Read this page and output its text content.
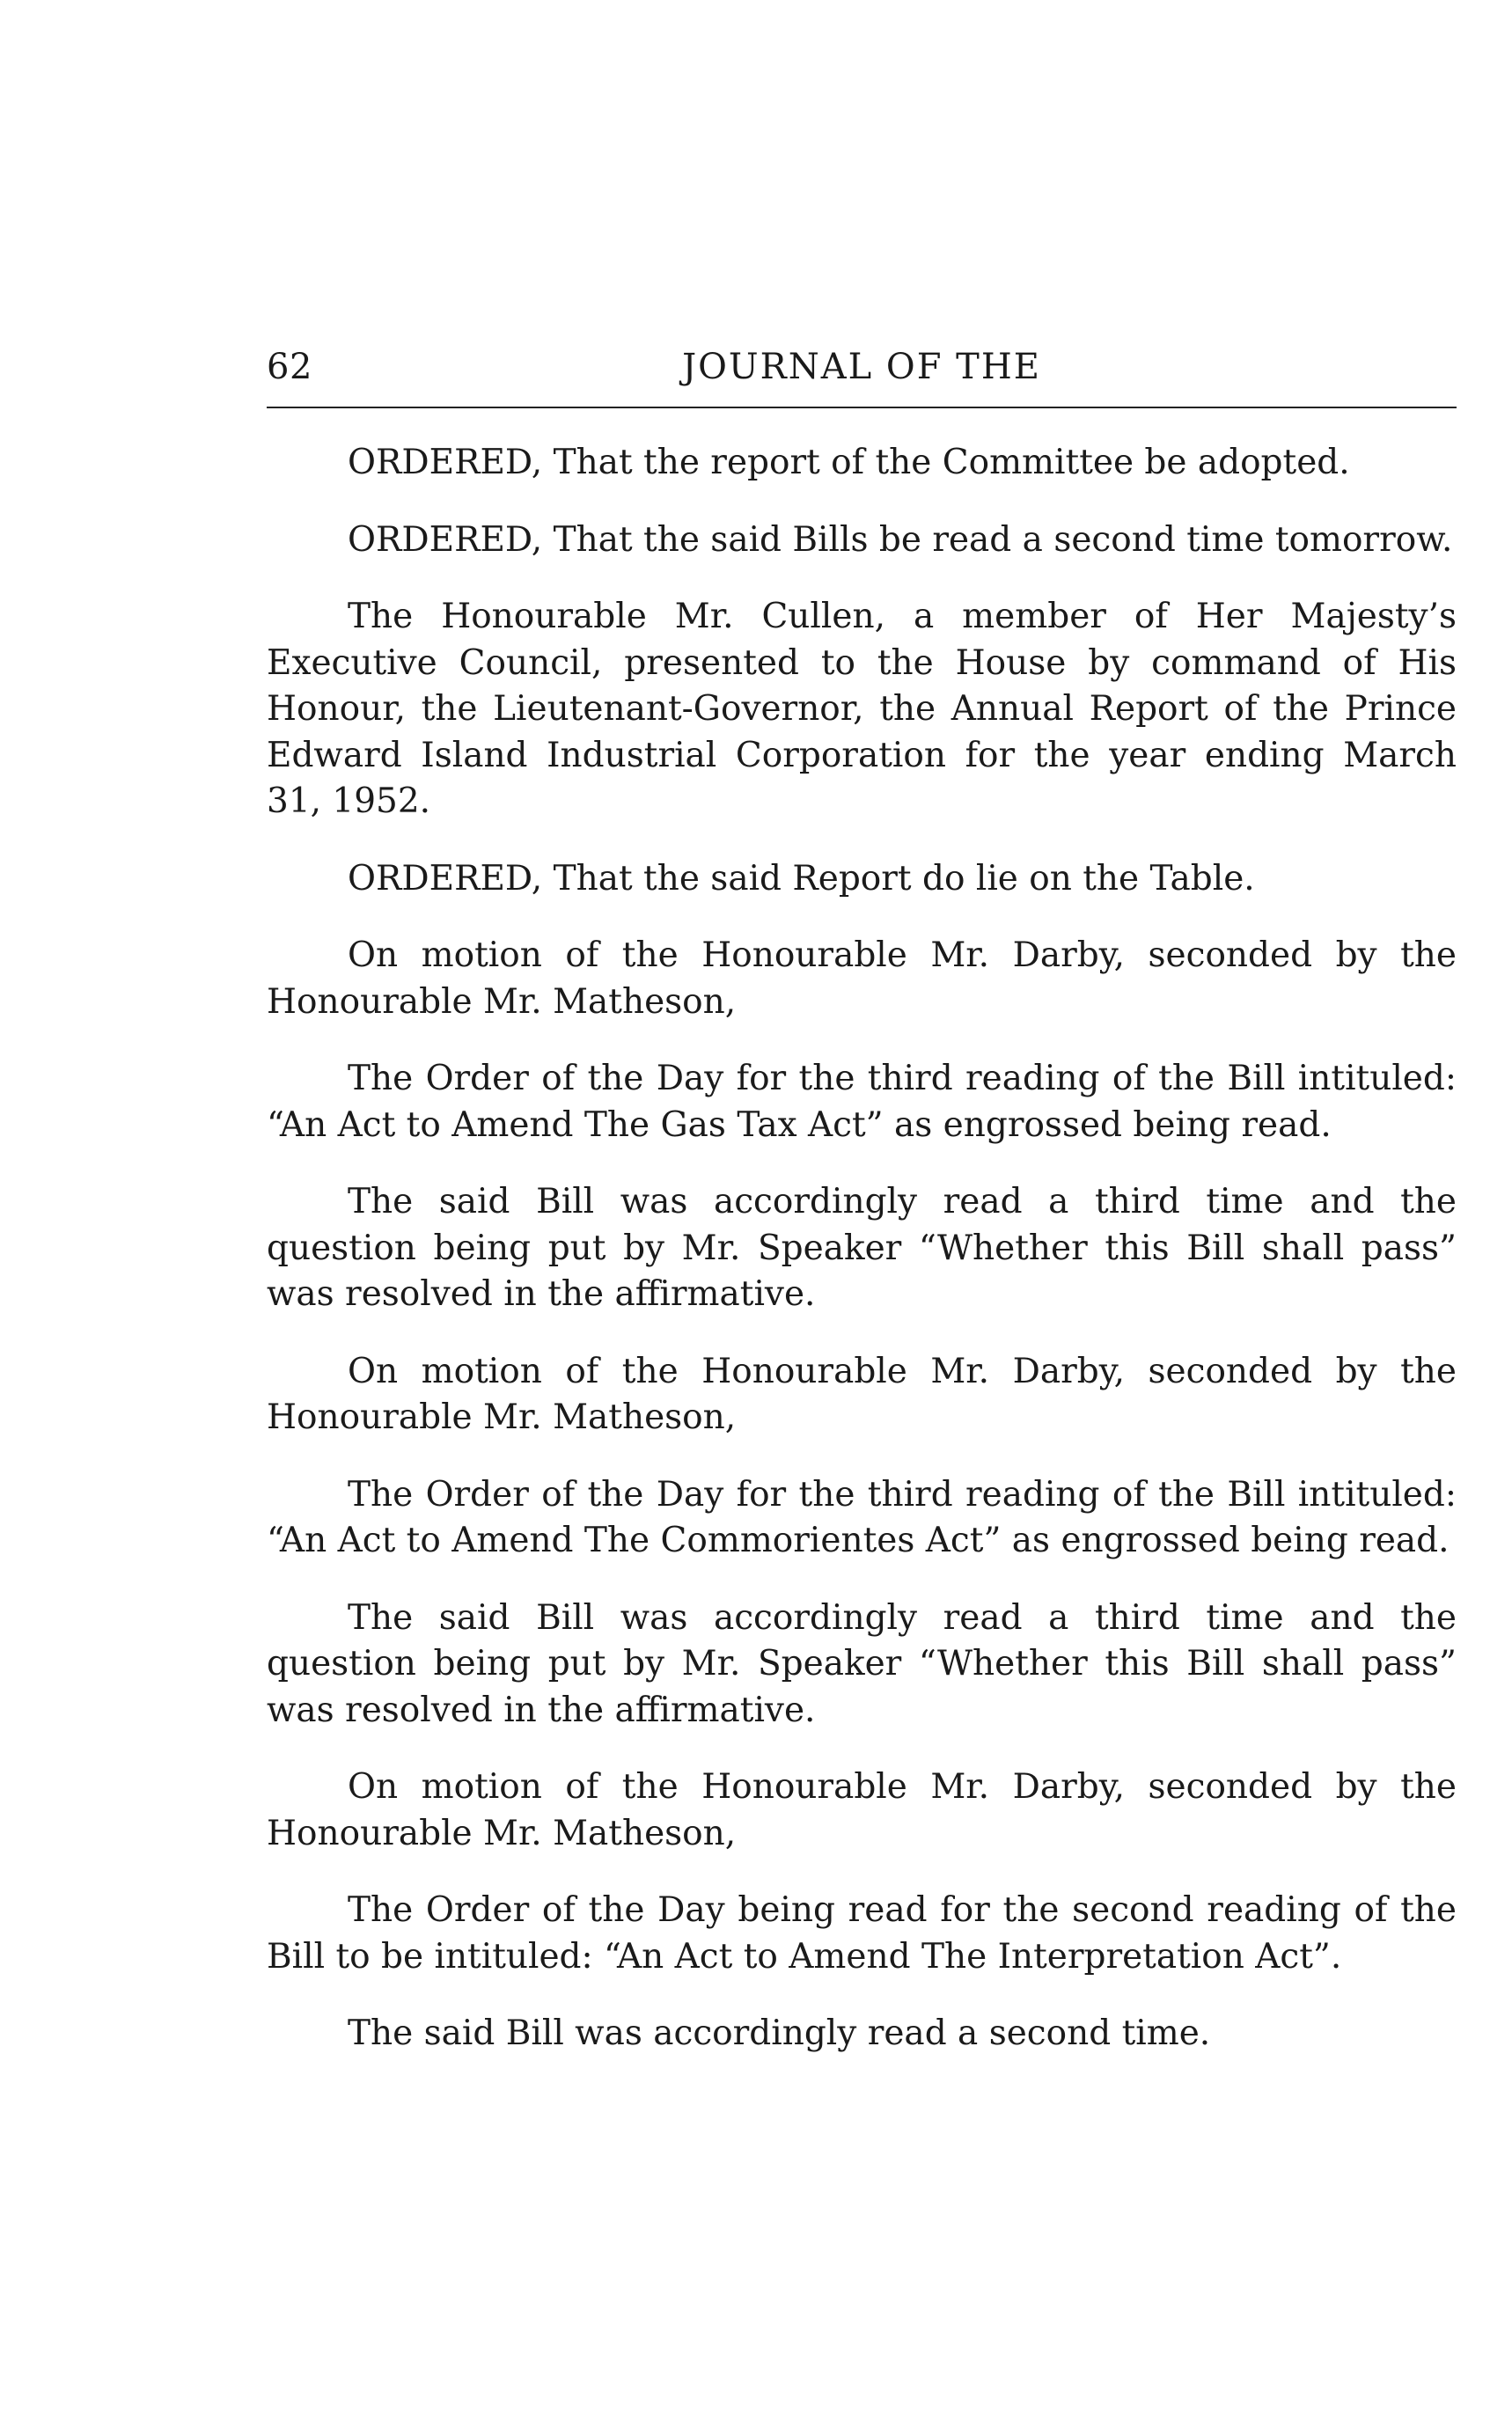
62	JOURNAL OF THE

ORDERED, That the report of the Committee be adopted.

ORDERED, That the said Bills be read a second time tomorrow.

The Honourable Mr. Cullen, a member of Her Majesty’s Executive Council, presented to the House by command of His Honour, the Lieutenant-Governor, the Annual Report of the Prince Edward Island Industrial Corporation for the year ending March 31, 1952.

ORDERED, That the said Report do lie on the Table.

On motion of the Honourable Mr. Darby, seconded by the Honourable Mr. Matheson,

The Order of the Day for the third reading of the Bill intituled: “An Act to Amend The Gas Tax Act” as engrossed being read.

The said Bill was accordingly read a third time and the question being put by Mr. Speaker “Whether this Bill shall pass” was resolved in the affirmative.

On motion of the Honourable Mr. Darby, seconded by the Honourable Mr. Matheson,

The Order of the Day for the third reading of the Bill intituled: “An Act to Amend The Commorientes Act” as engrossed being read.

The said Bill was accordingly read a third time and the question being put by Mr. Speaker “Whether this Bill shall pass” was resolved in the affirmative.

On motion of the Honourable Mr. Darby, seconded by the Honourable Mr. Matheson,

The Order of the Day being read for the second reading of the Bill to be intituled: “An Act to Amend The Interpretation Act”.

The said Bill was accordingly read a second time.
